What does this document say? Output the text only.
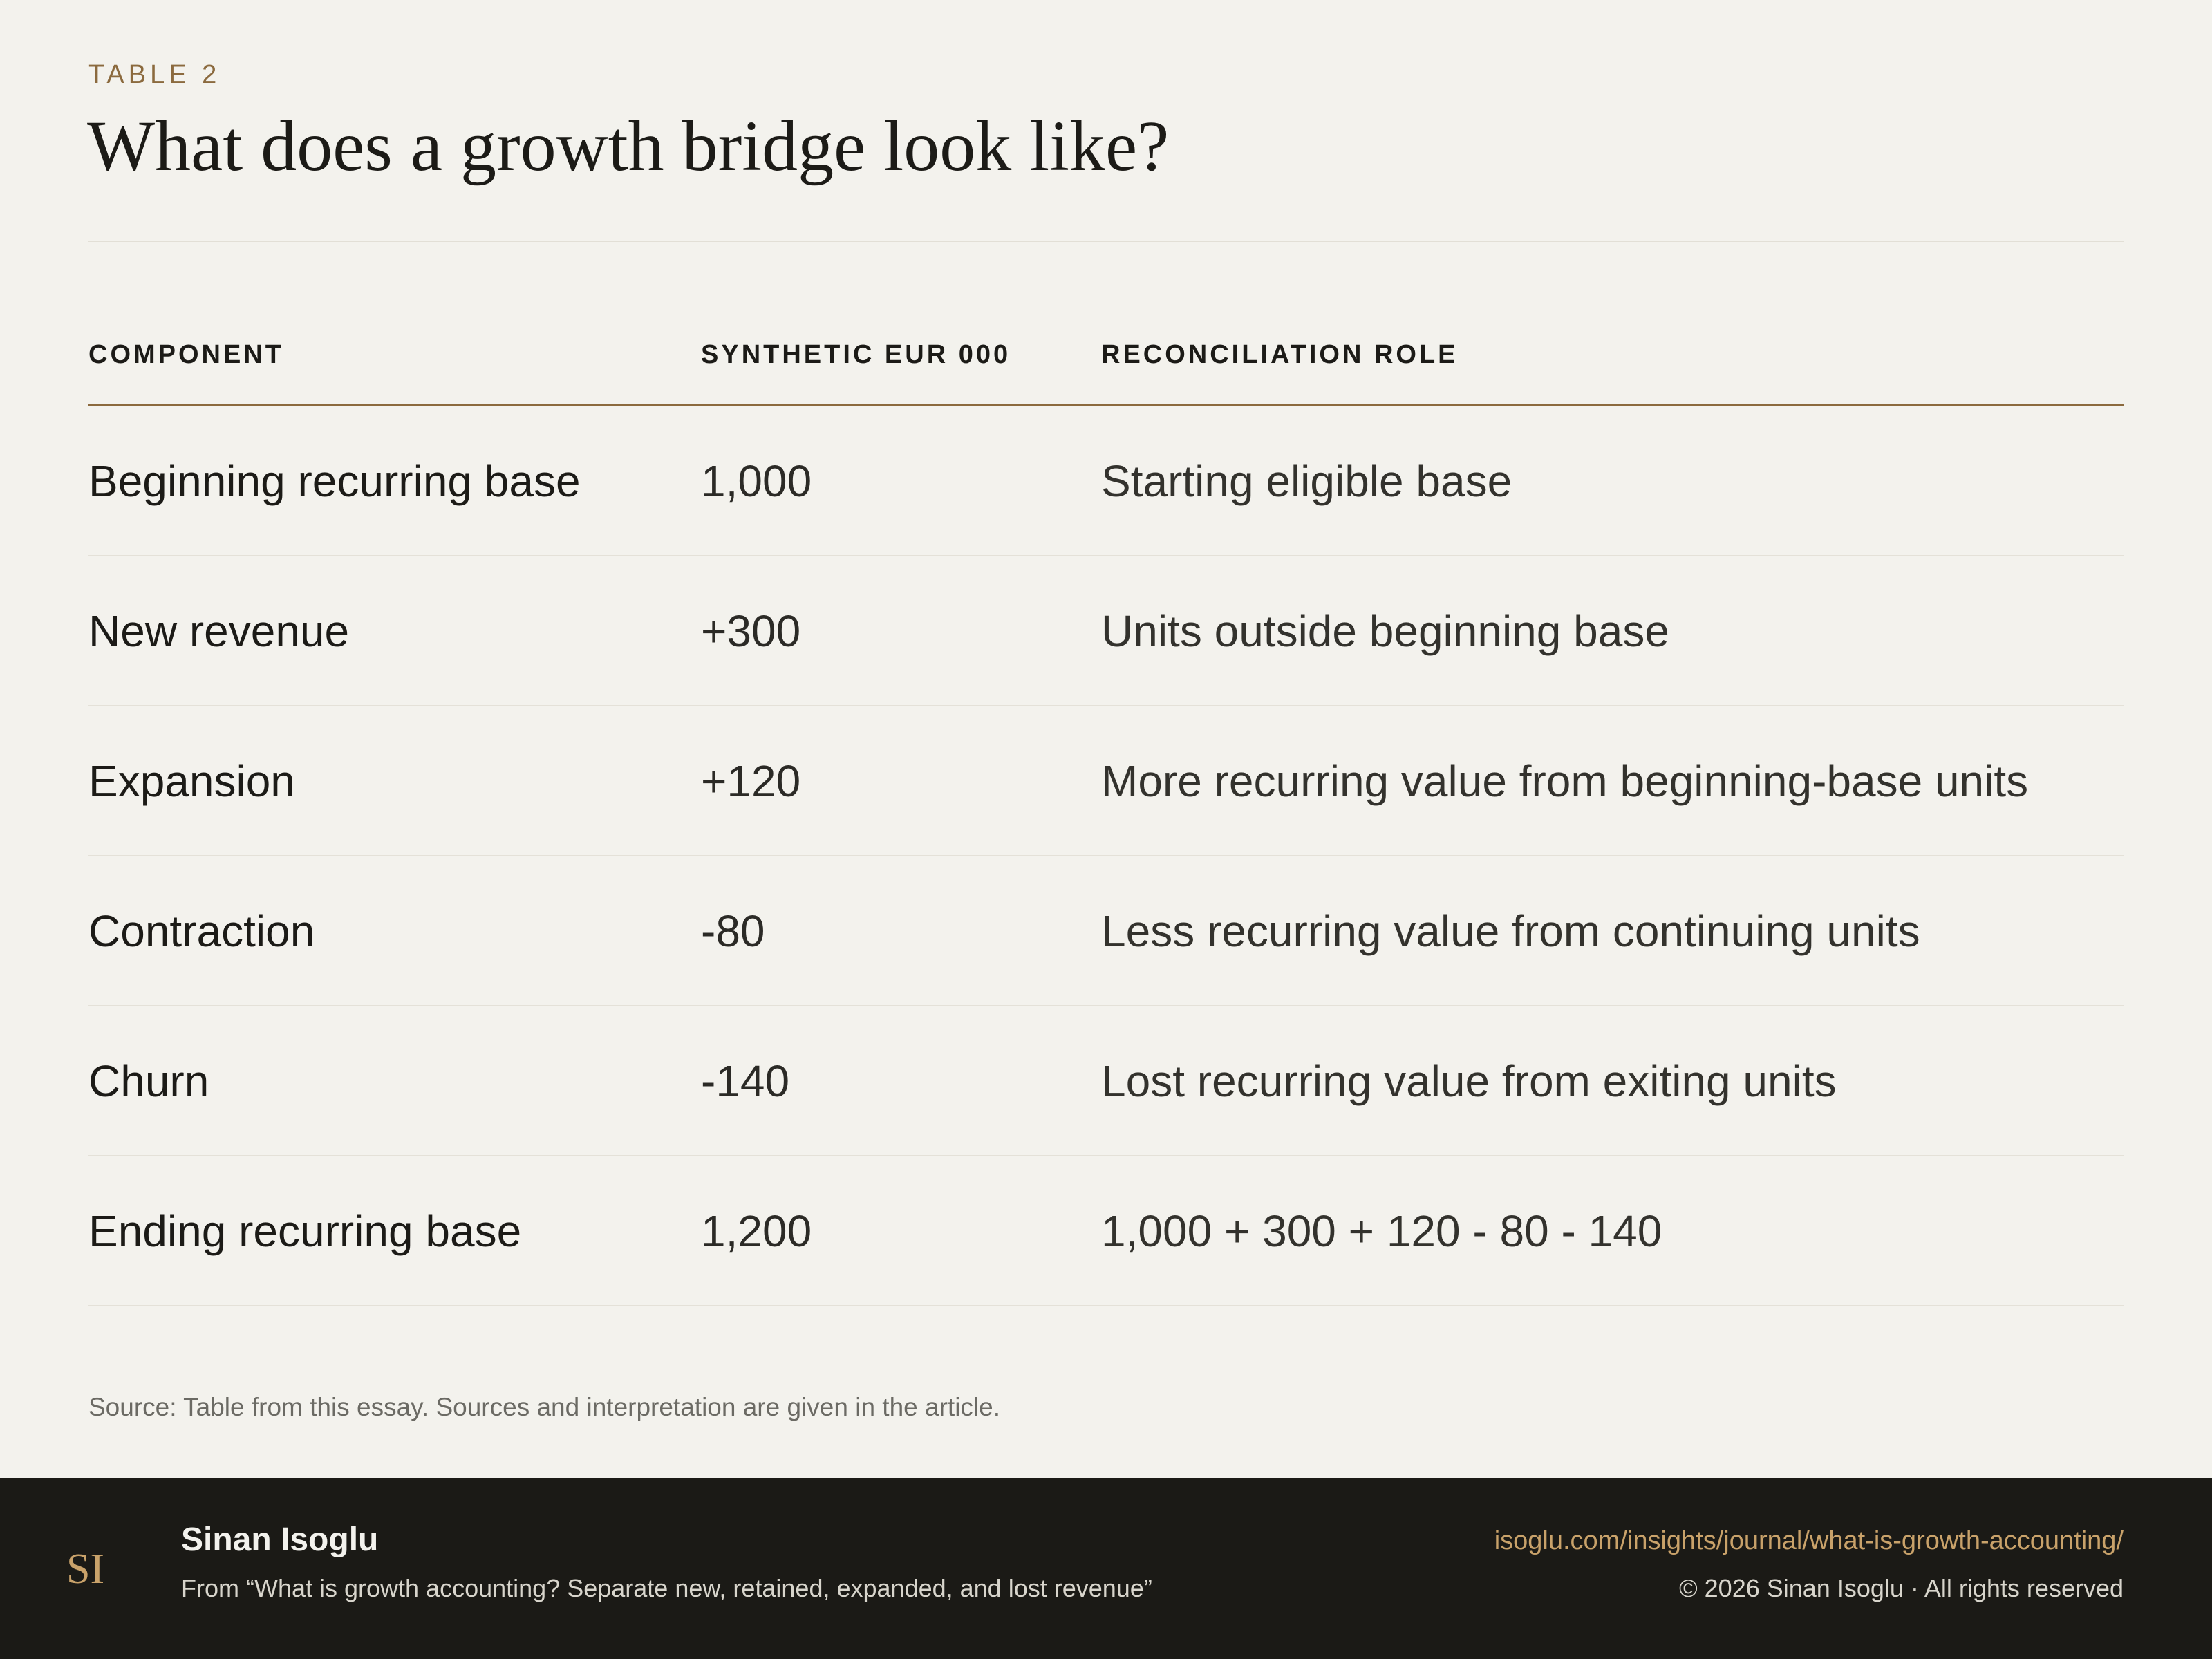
TABLE 2
What does a growth bridge look like?
COMPONENT	SYNTHETIC EUR 000	RECONCILIATION ROLE
Beginning recurring base	1,000	Starting eligible base
New revenue	+300	Units outside beginning base
Expansion	+120	More recurring value from beginning-base units
Contraction	-80	Less recurring value from continuing units
Churn	-140	Lost recurring value from exiting units
Ending recurring base	1,200	1,000 + 300 + 120 - 80 - 140
Source: Table from this essay. Sources and interpretation are given in the article.
SI
Sinan Isoglu
From “What is growth accounting? Separate new, retained, expanded, and lost revenue”
isoglu.com/insights/journal/what-is-growth-accounting/
© 2026 Sinan Isoglu · All rights reserved
